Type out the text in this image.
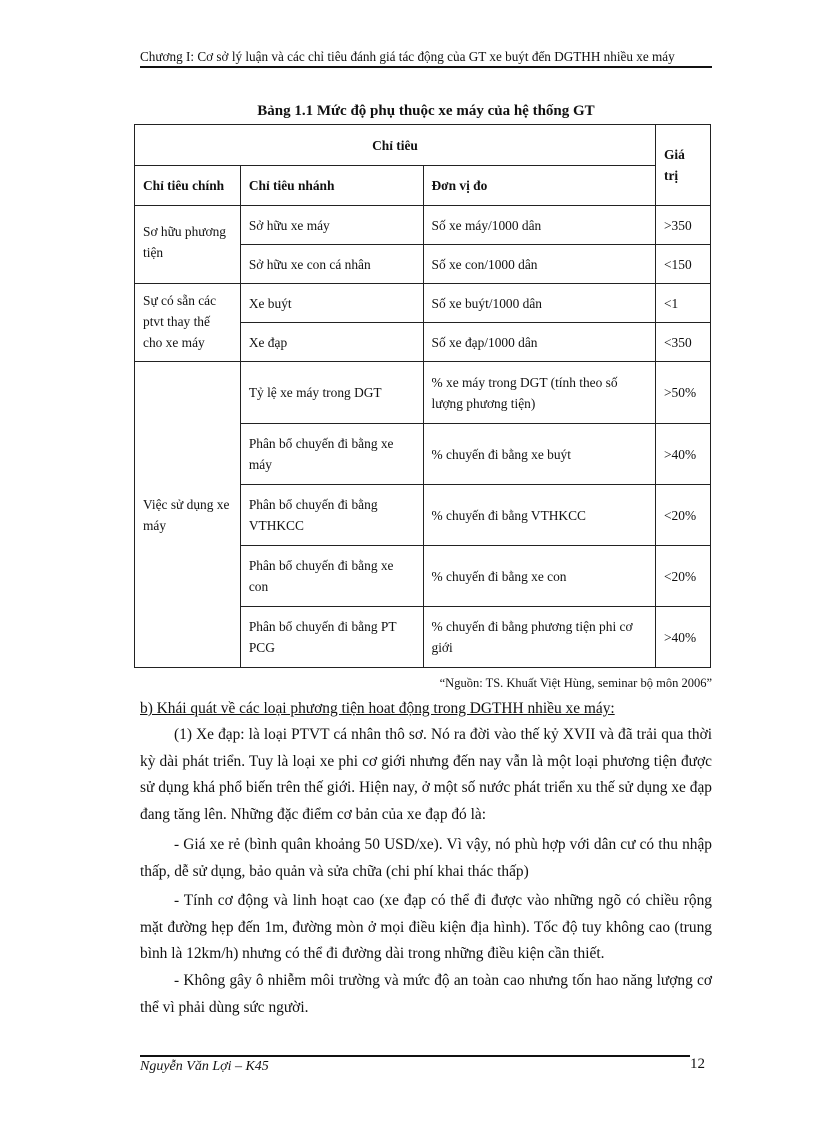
Chương I: Cơ sở lý luận và các chỉ tiêu đánh giá tác động của GT xe buýt đến DGTHH nhiều xe máy
Bảng 1.1 Mức độ phụ thuộc xe máy của hệ thống GT
Chỉ tiêu			Giá trị
Chỉ tiêu chính	Chỉ tiêu nhánh	Đơn vị đo	
Sơ hữu phương tiện	Sở hữu xe máy	Số xe máy/1000 dân	>350
	Sở hữu xe con cá nhân	Số xe con/1000 dân	<150
Sự có sẵn các ptvt thay thế cho xe máy	Xe buýt	Số xe buýt/1000 dân	<1
	Xe đạp	Số xe đạp/1000 dân	<350
Việc sử dụng xe máy	Tỷ lệ xe máy trong DGT	% xe máy trong DGT (tính theo số lượng phương tiện)	>50%
	Phân bổ chuyến đi bằng xe máy	% chuyến đi bằng xe buýt	>40%
	Phân bổ chuyến đi bằng VTHKCC	% chuyến đi bằng VTHKCC	<20%
	Phân bổ chuyến đi bằng xe con	% chuyến đi bằng xe con	<20%
	Phân bổ chuyến đi bằng PT PCG	% chuyến đi bằng phương tiện phi cơ giới	>40%
“Nguồn: TS. Khuất Việt Hùng, seminar bộ môn 2006”
b) Khái quát về các loại phương tiện hoat động trong DGTHH nhiều xe máy:

(1) Xe đạp: là loại PTVT cá nhân thô sơ. Nó ra đời vào thế kỷ XVII và đã trải qua thời kỳ dài phát triển. Tuy là loại xe phi cơ giới nhưng đến nay vẫn là một loại phương tiện được sử dụng khá phổ biến trên thế giới. Hiện nay, ở một số nước phát triển xu thế sử dụng xe đạp đang tăng lên. Những đặc điểm cơ bản của xe đạp đó là:

- Giá xe rẻ (bình quân khoảng 50 USD/xe). Vì vậy, nó phù hợp với dân cư có thu nhập thấp, dễ sử dụng, bảo quản và sửa chữa (chi phí khai thác thấp)

- Tính cơ động và linh hoạt cao (xe đạp có thể đi được vào những ngõ có chiều rộng mặt đường hẹp đến 1m, đường mòn ở mọi điều kiện địa hình). Tốc độ tuy không cao (trung bình là 12km/h) nhưng có thể đi đường dài trong những điều kiện cần thiết.

- Không gây ô nhiễm môi trường và mức độ an toàn cao nhưng tốn hao năng lượng cơ thể vì phải dùng sức người.

Nguyễn Văn Lợi – K45	12
